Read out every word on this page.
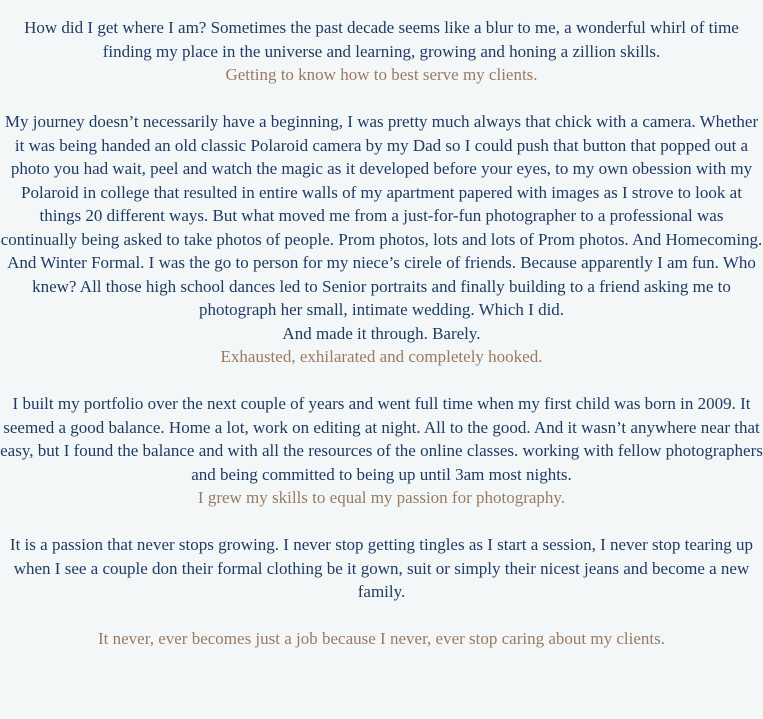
How did I get where I am? Sometimes the past decade seems like a blur to me, a wonderful whirl of time finding my place in the universe and learning, growing and honing a zillion skills.

Getting to know how to best serve my clients.

My journey doesn’t necessarily have a beginning, I was pretty much always that chick with a camera. Whether it was being handed an old classic Polaroid camera by my Dad so I could push that button that popped out a photo you had wait, peel and watch the magic as it developed before your eyes, to my own obession with my Polaroid in college that resulted in entire walls of my apartment papered with images as I strove to look at things 20 different ways. But what moved me from a just-for-fun photographer to a professional was continually being asked to take photos of people. Prom photos, lots and lots of Prom photos. And Homecoming. And Winter Formal. I was the go to person for my niece’s cirele of friends. Because apparently I am fun. Who knew? All those high school dances led to Senior portraits and finally building to a friend asking me to photograph her small, intimate wedding. Which I did.

And made it through. Barely.

Exhausted, exhilarated and completely hooked.

I built my portfolio over the next couple of years and went full time when my first child was born in 2009. It seemed a good balance. Home a lot, work on editing at night. All to the good. And it wasn’t anywhere near that easy, but I found the balance and with all the resources of the online classes. working with fellow photographers and being committed to being up until 3am most nights.

I grew my skills to equal my passion for photography.

It is a passion that never stops growing. I never stop getting tingles as I start a session, I never stop tearing up when I see a couple don their formal clothing be it gown, suit or simply their nicest jeans and become a new family.

It never, ever becomes just a job because I never, ever stop caring about my clients.
